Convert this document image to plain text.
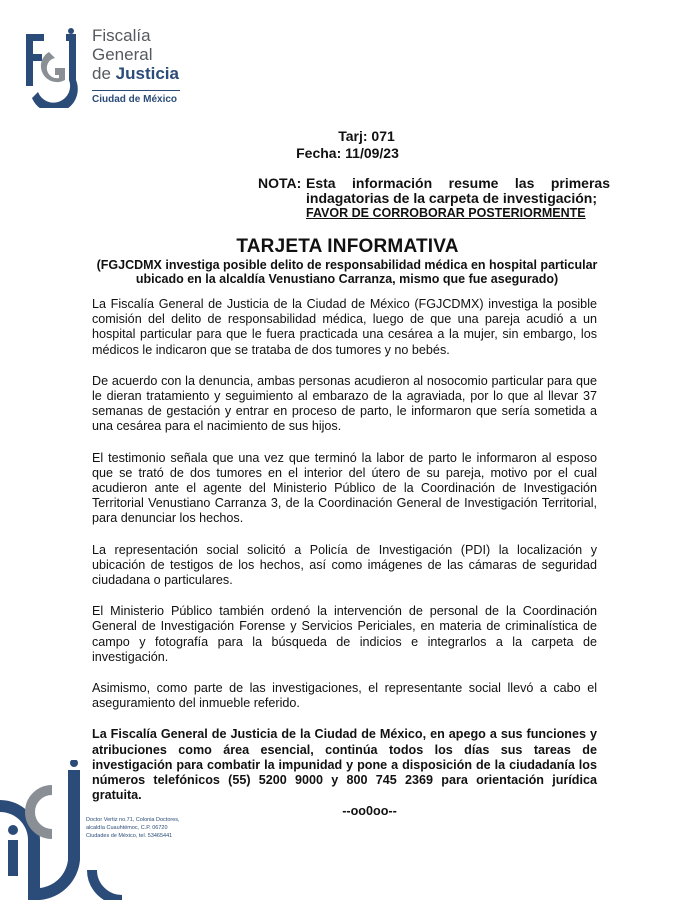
Fiscalía
General
de Justicia
Ciudad de México
Tarj: 071
Fecha: 11/09/23
NOTA: Esta información resume las primeras indagatorias de la carpeta de investigación;
FAVOR DE CORROBORAR POSTERIORMENTE
TARJETA INFORMATIVA
(FGJCDMX investiga posible delito de responsabilidad médica en hospital particular ubicado en la alcaldía Venustiano Carranza, mismo que fue asegurado)

La Fiscalía General de Justicia de la Ciudad de México (FGJCDMX) investiga la posible comisión del delito de responsabilidad médica, luego de que una pareja acudió a un hospital particular para que le fuera practicada una cesárea a la mujer, sin embargo, los médicos le indicaron que se trataba de dos tumores y no bebés.

De acuerdo con la denuncia, ambas personas acudieron al nosocomio particular para que le dieran tratamiento y seguimiento al embarazo de la agraviada, por lo que al llevar 37 semanas de gestación y entrar en proceso de parto, le informaron que sería sometida a una cesárea para el nacimiento de sus hijos.

El testimonio señala que una vez que terminó la labor de parto le informaron al esposo que se trató de dos tumores en el interior del útero de su pareja, motivo por el cual acudieron ante el agente del Ministerio Público de la Coordinación de Investigación Territorial Venustiano Carranza 3, de la Coordinación General de Investigación Territorial, para denunciar los hechos.

La representación social solicitó a Policía de Investigación (PDI) la localización y ubicación de testigos de los hechos, así como imágenes de las cámaras de seguridad ciudadana o particulares.

El Ministerio Público también ordenó la intervención de personal de la Coordinación General de Investigación Forense y Servicios Periciales, en materia de criminalística de campo y fotografía para la búsqueda de indicios e integrarlos a la carpeta de investigación.

Asimismo, como parte de las investigaciones, el representante social llevó a cabo el aseguramiento del inmueble referido.

La Fiscalía General de Justicia de la Ciudad de México, en apego a sus funciones y atribuciones como área esencial, continúa todos los días sus tareas de investigación para combatir la impunidad y pone a disposición de la ciudadanía los números telefónicos (55) 5200 9000 y 800 745 2369 para orientación jurídica gratuita.

--oo0oo--
Doctor Vertiz no.71, Colonia Doctores,
alcaldía Cuauhtémoc, C.P. 06720
Ciudades de México, tel. 53465441
